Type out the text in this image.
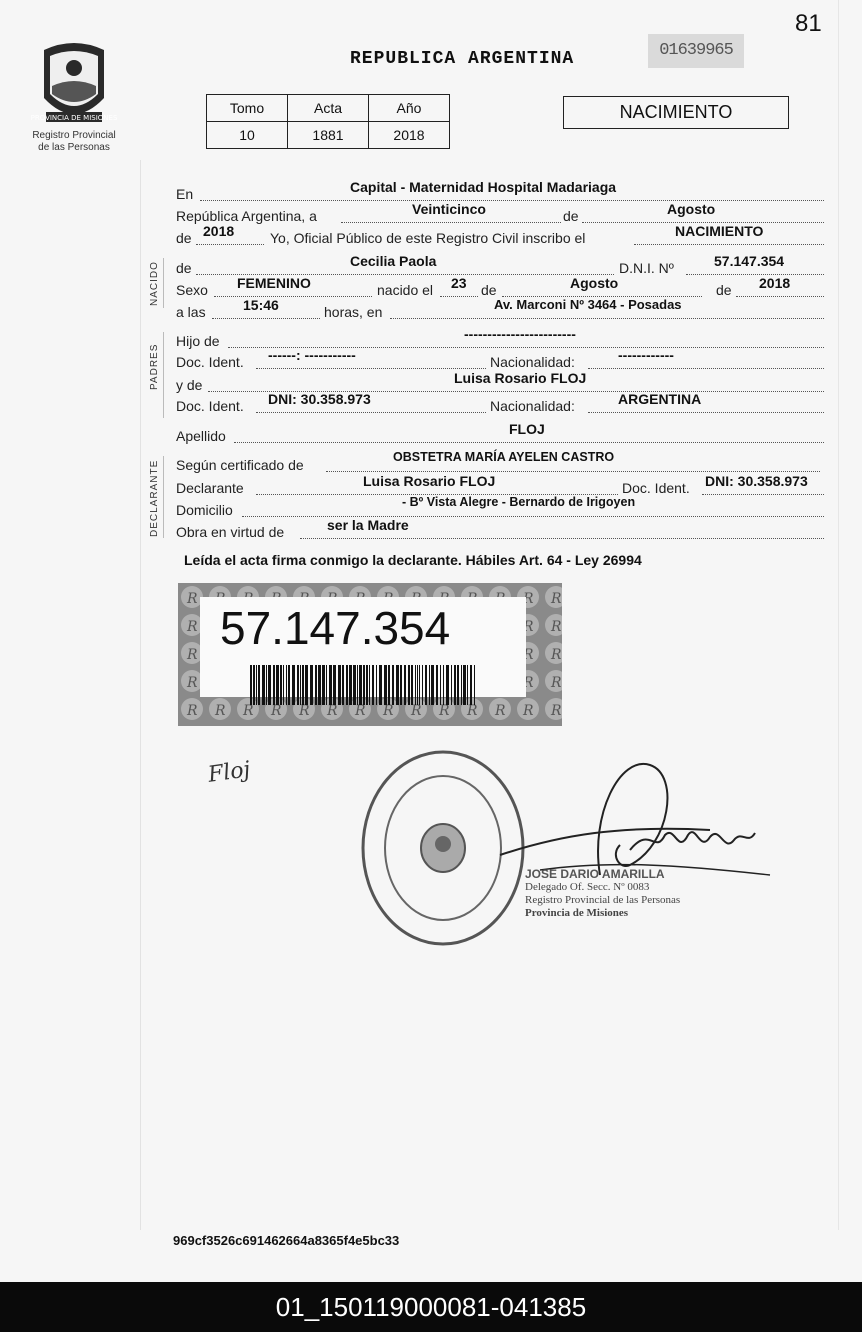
81
PROVINCIA DE MISIONES
Registro Provincial
de las Personas
REPUBLICA ARGENTINA	01639965
Tomo	Acta	Año
10	1881	2018
NACIMIENTO
En	Capital - Maternidad Hospital Madariaga
República Argentina, a	Veinticinco	de	Agosto
de 2018	Yo, Oficial Público de este Registro Civil inscribo el	NACIMIENTO
NACIDO de	Cecilia Paola	D.N.I. Nº	57.147.354
Sexo FEMENINO	nacido el 23 de	Agosto	de 2018
a las	15:46	horas, en	Av. Marconi Nº 3464 - Posadas
PADRES
Hijo de	------------------------
Doc. Ident. ------: -----------	Nacionalidad:	------------
y de	Luisa Rosario FLOJ
Doc. Ident. DNI: 30.358.973	Nacionalidad:	ARGENTINA
Apellido	FLOJ
DECLARANTE Según certificado de	OBSTETRA MARÍA AYELEN CASTRO
Declarante	Luisa Rosario FLOJ	Doc. Ident. DNI: 30.358.973
Domicilio	- Bº Vista Alegre - Bernardo de Irigoyen
Obra en virtud de	ser la Madre
Leída el acta firma conmigo la declarante. Hábiles Art. 64 - Ley 26994
57.147.354
Floj
JOSE DARIO AMARILLA
Delegado Of. Secc. Nº 0083
Registro Provincial de las Personas
Provincia de Misiones
969cf3526c691462664a8365f4e5bc33
01_150119000081-041385
